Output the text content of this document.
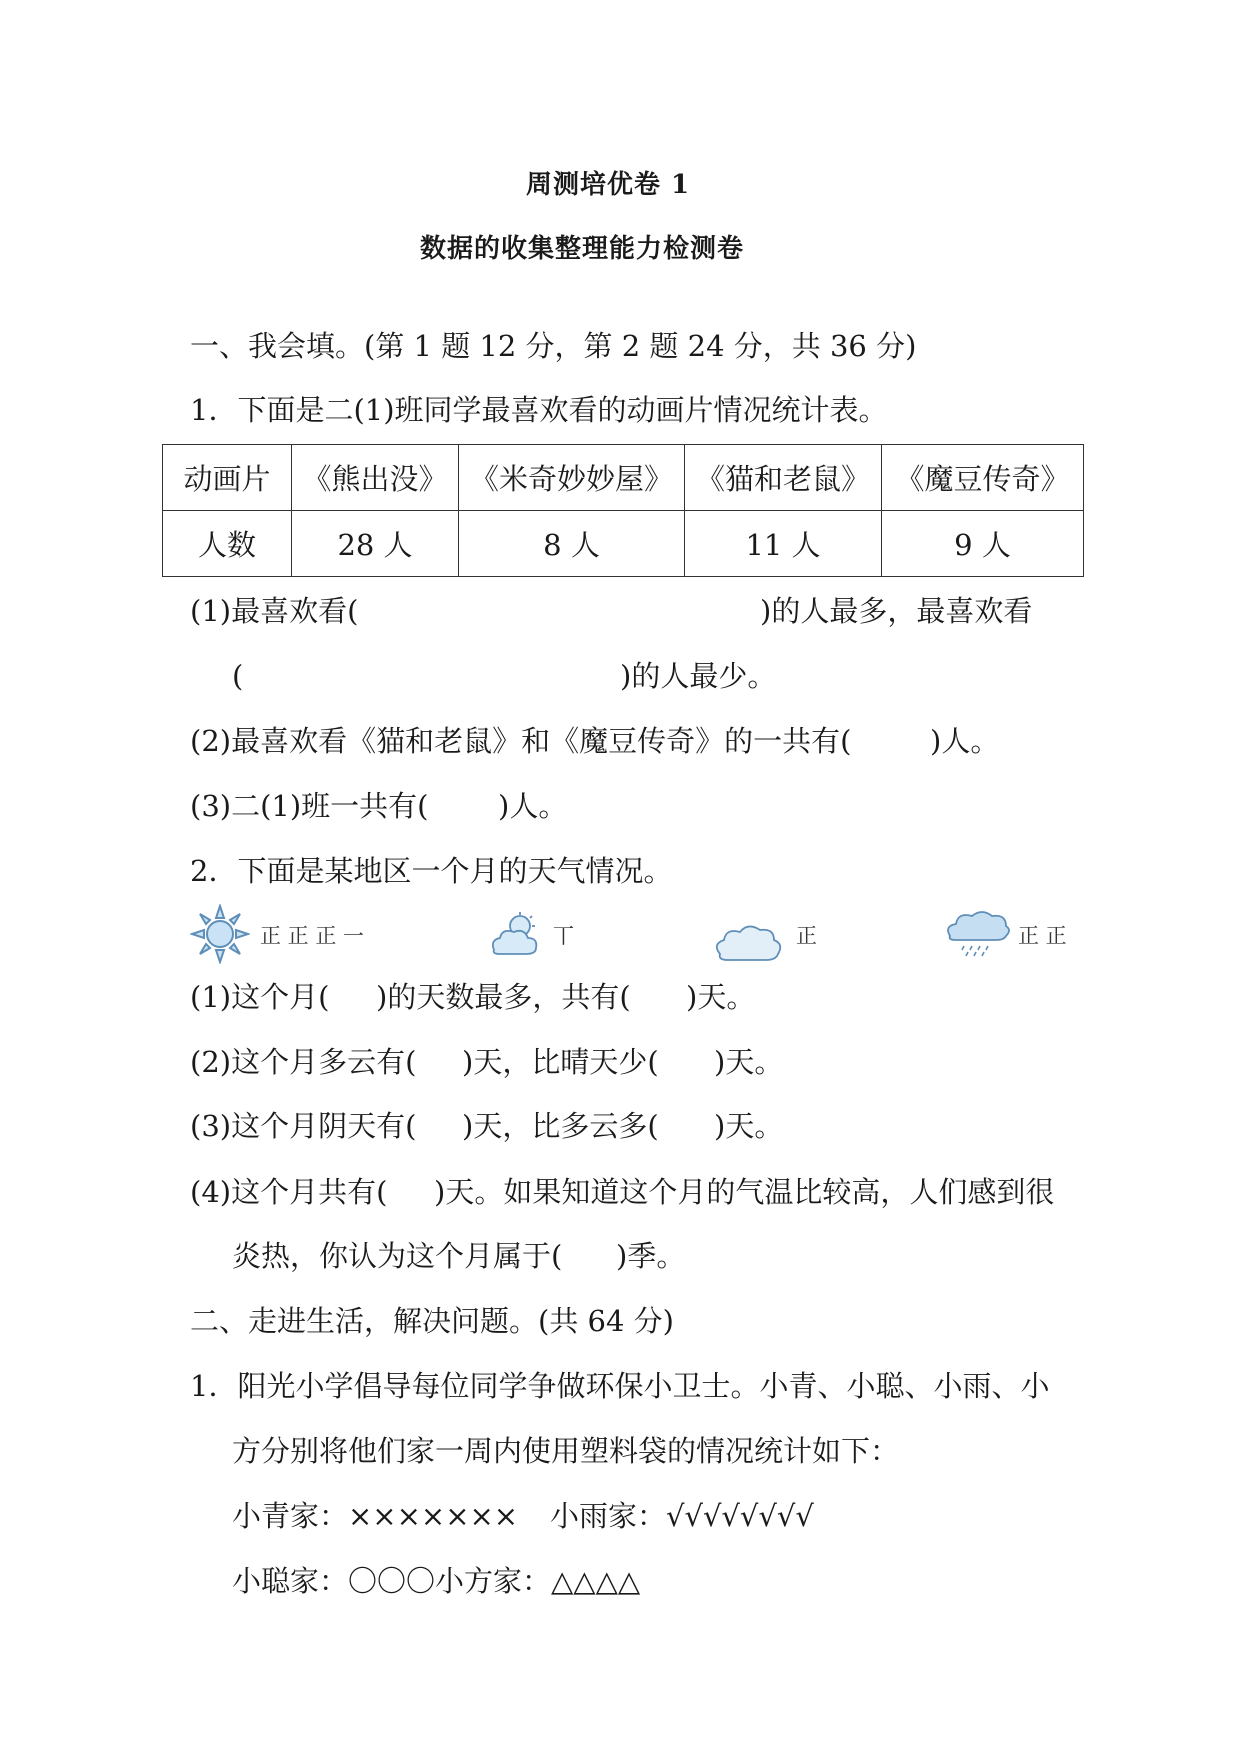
周测培优卷 1
数据的收集整理能力检测卷
一、我会填。(第 1 题 12 分，第 2 题 24 分，共 36 分)
1．下面是二(1)班同学最喜欢看的动画片情况统计表。
动画片	《熊出没》	《米奇妙妙屋》	《猫和老鼠》	《魔豆传奇》
人数	28 人	8 人	11 人	9 人
(1)最喜欢看(	)的人最多，最喜欢看
(	)的人最少。
(2)最喜欢看《猫和老鼠》和《魔豆传奇》的一共有(	)人。
(3)二(1)班一共有( )人。
2．下面是某地区一个月的天气情况。
正 正 正 一	丅	正	正 正
(1)这个月( )的天数最多，共有( )天。
(2)这个月多云有( )天，比晴天少( )天。
(3)这个月阴天有( )天，比多云多( )天。
(4)这个月共有( )天。如果知道这个月的气温比较高，人们感到很
炎热，你认为这个月属于( )季。
二、走进生活，解决问题。(共 64 分)
1．阳光小学倡导每位同学争做环保小卫士。小青、小聪、小雨、小
方分别将他们家一周内使用塑料袋的情况统计如下：
小青家：××××××× 小雨家：√√√√√√√√
小聪家：〇〇〇小方家：△△△△
